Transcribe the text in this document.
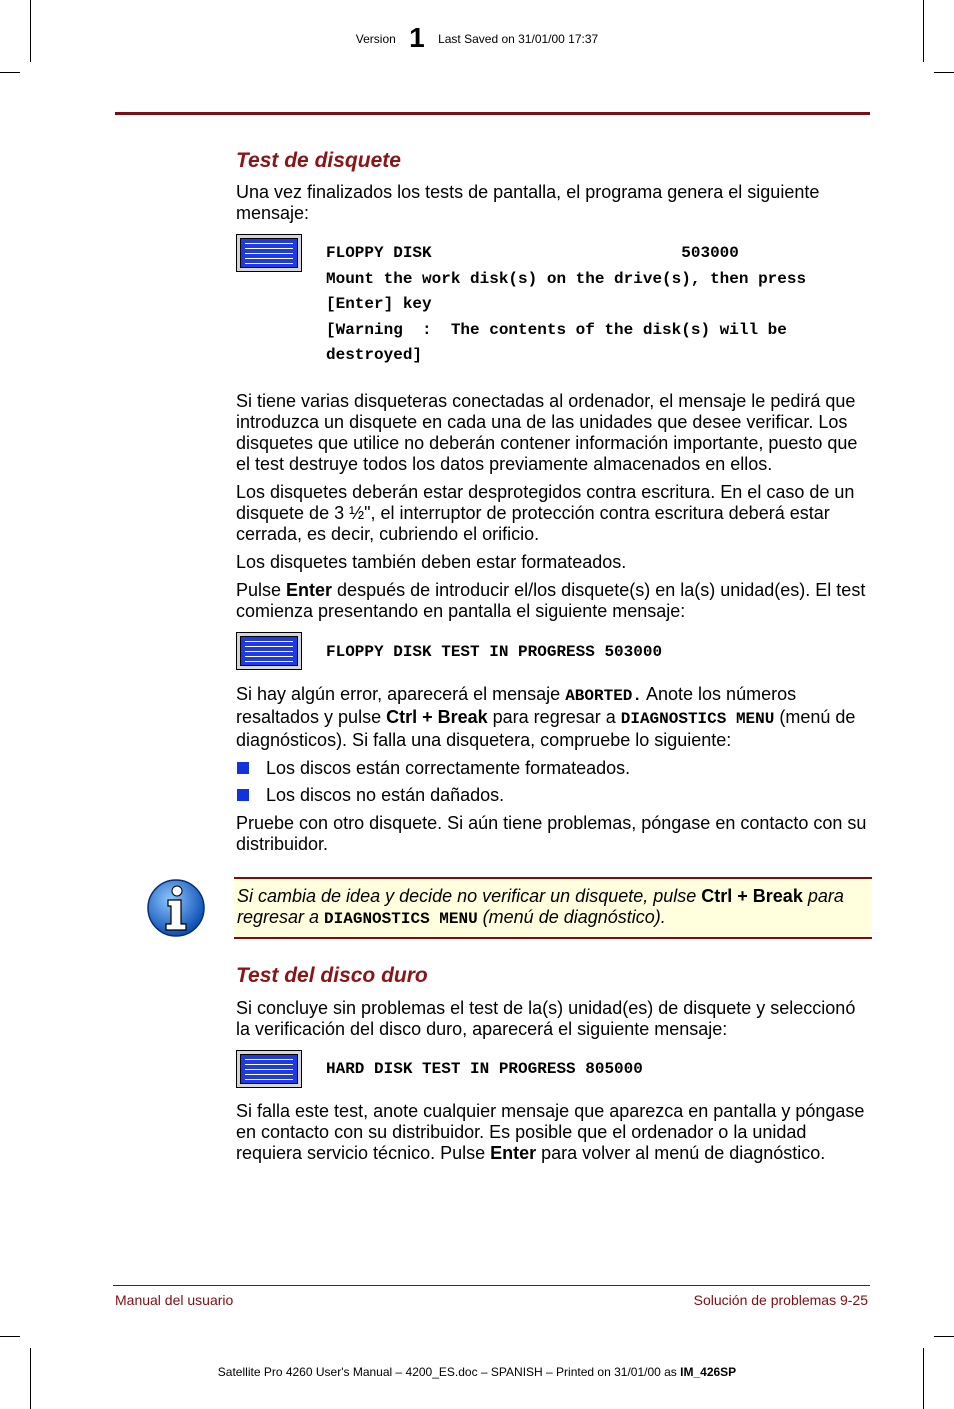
Version 1 Last Saved on 31/01/00 17:37
Test de disquete

Una vez finalizados los tests de pantalla, el programa genera el siguiente mensaje:

FLOPPY DISK                          503000
Mount the work disk(s) on the drive(s), then press
[Enter] key
[Warning  :  The contents of the disk(s) will be
destroyed]

Si tiene varias disqueteras conectadas al ordenador, el mensaje le pedirá que introduzca un disquete en cada una de las unidades que desee verificar. Los disquetes que utilice no deberán contener información importante, puesto que el test destruye todos los datos previamente almacenados en ellos.

Los disquetes deberán estar desprotegidos contra escritura. En el caso de un disquete de 3 ½", el interruptor de protección contra escritura deberá estar cerrada, es decir, cubriendo el orificio.

Los disquetes también deben estar formateados.

Pulse Enter después de introducir el/los disquete(s) en la(s) unidad(es). El test comienza presentando en pantalla el siguiente mensaje:

FLOPPY DISK TEST IN PROGRESS 503000

Si hay algún error, aparecerá el mensaje ABORTED. Anote los números resaltados y pulse Ctrl + Break para regresar a DIAGNOSTICS MENU (menú de diagnósticos). Si falla una disquetera, compruebe lo siguiente:

Los discos están correctamente formateados.
Los discos no están dañados.

Pruebe con otro disquete. Si aún tiene problemas, póngase en contacto con su distribuidor.

Si cambia de idea y decide no verificar un disquete, pulse Ctrl + Break para regresar a DIAGNOSTICS MENU (menú de diagnóstico).

Test del disco duro

Si concluye sin problemas el test de la(s) unidad(es) de disquete y seleccionó la verificación del disco duro, aparecerá el siguiente mensaje:

HARD DISK TEST IN PROGRESS 805000

Si falla este test, anote cualquier mensaje que aparezca en pantalla y póngase en contacto con su distribuidor. Es posible que el ordenador o la unidad requiera servicio técnico. Pulse Enter para volver al menú de diagnóstico.

Manual del usuario	Solución de problemas 9-25
Satellite Pro 4260 User's Manual – 4200_ES.doc – SPANISH – Printed on 31/01/00 as IM_426SP
